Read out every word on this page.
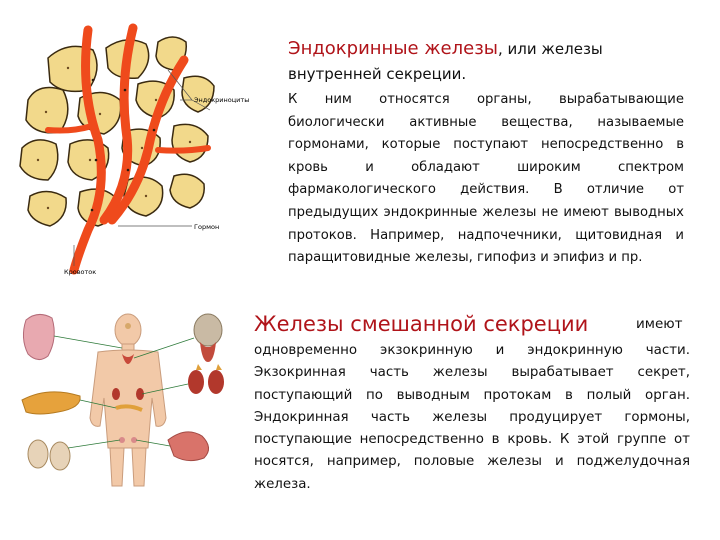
Эндокриноциты
Гормон
Кровоток
Эндокринные железы, или железы
внутренней секреции.
К ним относятся органы, вырабатывающие биологически активные вещества, называемые гормонами, которые поступают непосредственно в кровь и обладают широким спектром фармакологического действия. В отличие от предыдущих эндокринные железы не имеют выводных протоков. Например, надпочечники, щитовидная и паращитовидные железы, гипофиз и эпифиз и пр.
Железы смешанной секреции	имеют
одновременно экзокринную и эндокринную части. Экзокринная часть железы вырабатывает секрет, поступающий по выводным протокам в полый орган. Эндокринная часть железы продуцирует гормоны, поступающие непосредственно в кровь. К этой группе от носятся, например, половые железы и поджелудочная железа.
